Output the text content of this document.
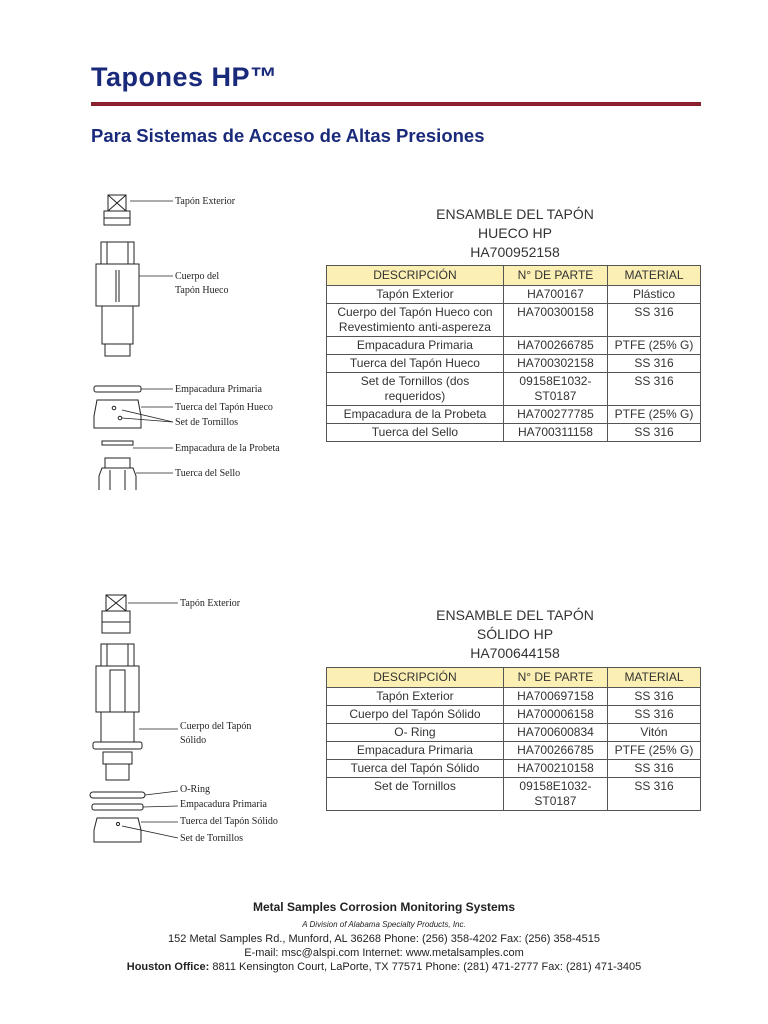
Tapones HP™
Para Sistemas de Acceso de Altas Presiones
Tapón Exterior
Cuerpo del
Tapón Hueco
Empacadura Primaria
Tuerca del Tapón Hueco
Set de Tornillos
Empacadura de la Probeta
Tuerca del Sello
ENSAMBLE DEL TAPÓN
HUECO HP
HA700952158
DESCRIPCIÓN	N° DE PARTE	MATERIAL
Tapón Exterior	HA700167	Plástico
Cuerpo del Tapón Hueco con Revestimiento anti-aspereza	HA700300158	SS 316
Empacadura Primaria	HA700266785	PTFE (25% G)
Tuerca del Tapón Hueco	HA700302158	SS 316
Set de Tornillos (dos requeridos)	09158E1032-ST0187	SS 316
Empacadura de la Probeta	HA700277785	PTFE (25% G)
Tuerca del Sello	HA700311158	SS 316
Tapón Exterior
Cuerpo del Tapón
Sólido
O-Ring
Empacadura Primaria
Tuerca del Tapón Sólido
Set de Tornillos
ENSAMBLE DEL TAPÓN
SÓLIDO HP
HA700644158
DESCRIPCIÓN	N° DE PARTE	MATERIAL
Tapón Exterior	HA700697158	SS 316
Cuerpo del Tapón Sólido	HA700006158	SS 316
O- Ring	HA700600834	Vitón
Empacadura Primaria	HA700266785	PTFE (25% G)
Tuerca del Tapón Sólido	HA700210158	SS 316
Set de Tornillos	09158E1032-ST0187	SS 316
Metal Samples Corrosion Monitoring Systems
A Division of Alabama Specialty Products, Inc.
152 Metal Samples Rd., Munford, AL 36268 Phone: (256) 358-4202 Fax: (256) 358-4515
E-mail: msc@alspi.com Internet: www.metalsamples.com
Houston Office: 8811 Kensington Court, LaPorte, TX 77571 Phone: (281) 471-2777 Fax: (281) 471-3405
